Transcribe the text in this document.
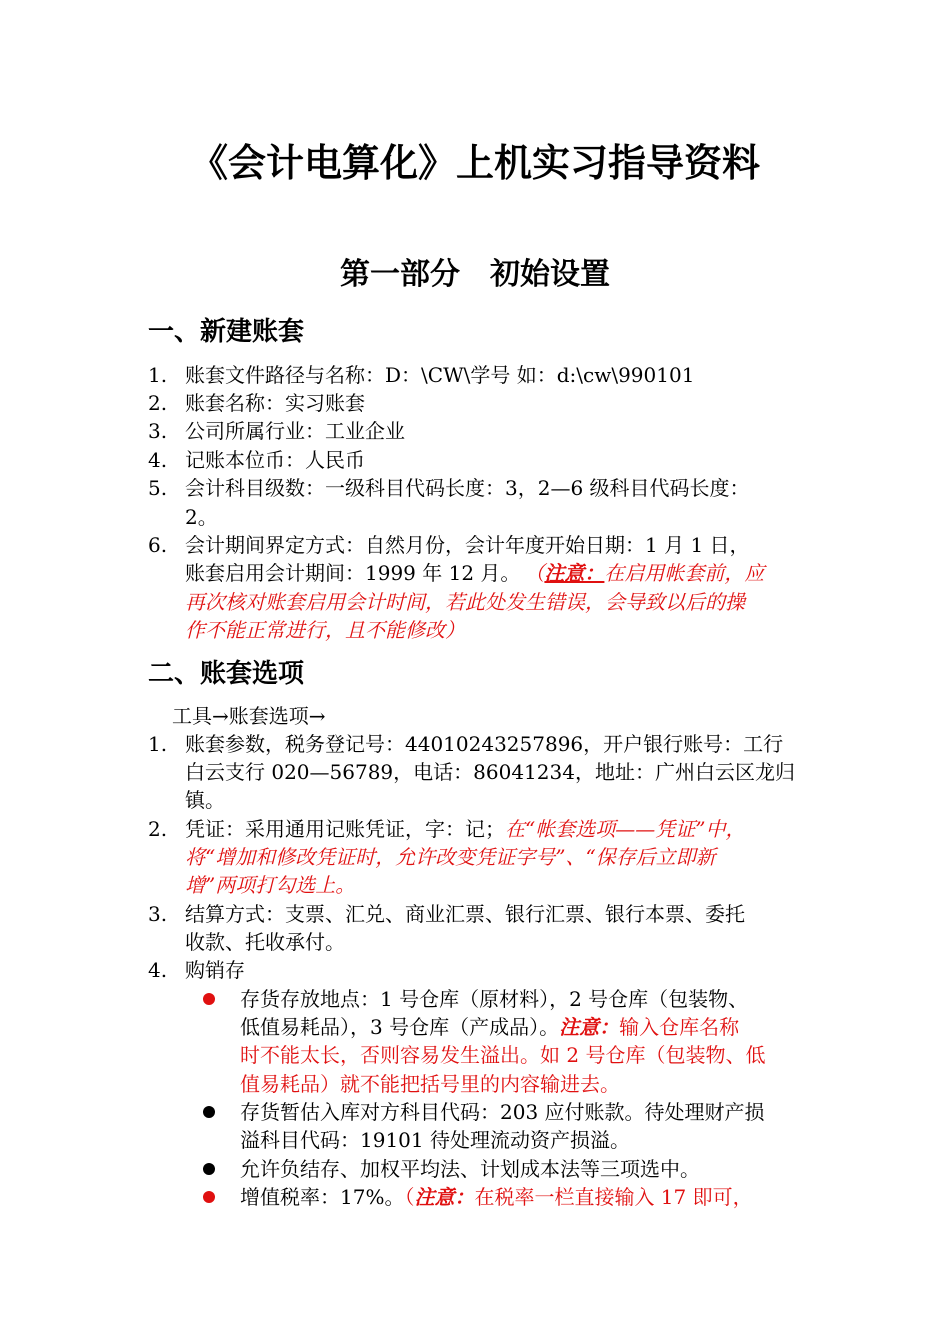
《会计电算化》上机实习指导资料
第一部分　初始设置
一、新建账套
1. 账套文件路径与名称：D：\CW\学号 如：d:\cw\990101
2. 账套名称：实习账套
3. 公司所属行业：工业企业
4. 记账本位币：人民币
5. 会计科目级数：一级科目代码长度：3，2—6 级科目代码长度：
2。
6. 会计期间界定方式：自然月份，会计年度开始日期：1 月 1 日，
账套启用会计期间：1999 年 12 月。 （注意：在启用帐套前，应
再次核对账套启用会计时间，若此处发生错误，会导致以后的操
作不能正常进行，且不能修改）
二、账套选项
工具→账套选项→
1. 账套参数，税务登记号：44010243257896，开户银行账号：工行
白云支行 020—56789，电话：86041234，地址：广州白云区龙归
镇。
2. 凭证：采用通用记账凭证，字：记；在“帐套选项——凭证”中，
将“增加和修改凭证时，允许改变凭证字号”、“保存后立即新
增”两项打勾选上。
3. 结算方式：支票、汇兑、商业汇票、银行汇票、银行本票、委托
收款、托收承付。
4. 购销存
存货存放地点：1 号仓库（原材料），2 号仓库（包装物、
低值易耗品），3 号仓库（产成品）。注意：输入仓库名称
时不能太长，否则容易发生溢出。如 2 号仓库（包装物、低
值易耗品）就不能把括号里的内容输进去。
存货暂估入库对方科目代码：203 应付账款。待处理财产损
溢科目代码：19101 待处理流动资产损溢。
允许负结存、加权平均法、计划成本法等三项选中。
增值税率：17%。（注意：在税率一栏直接输入 17 即可，
